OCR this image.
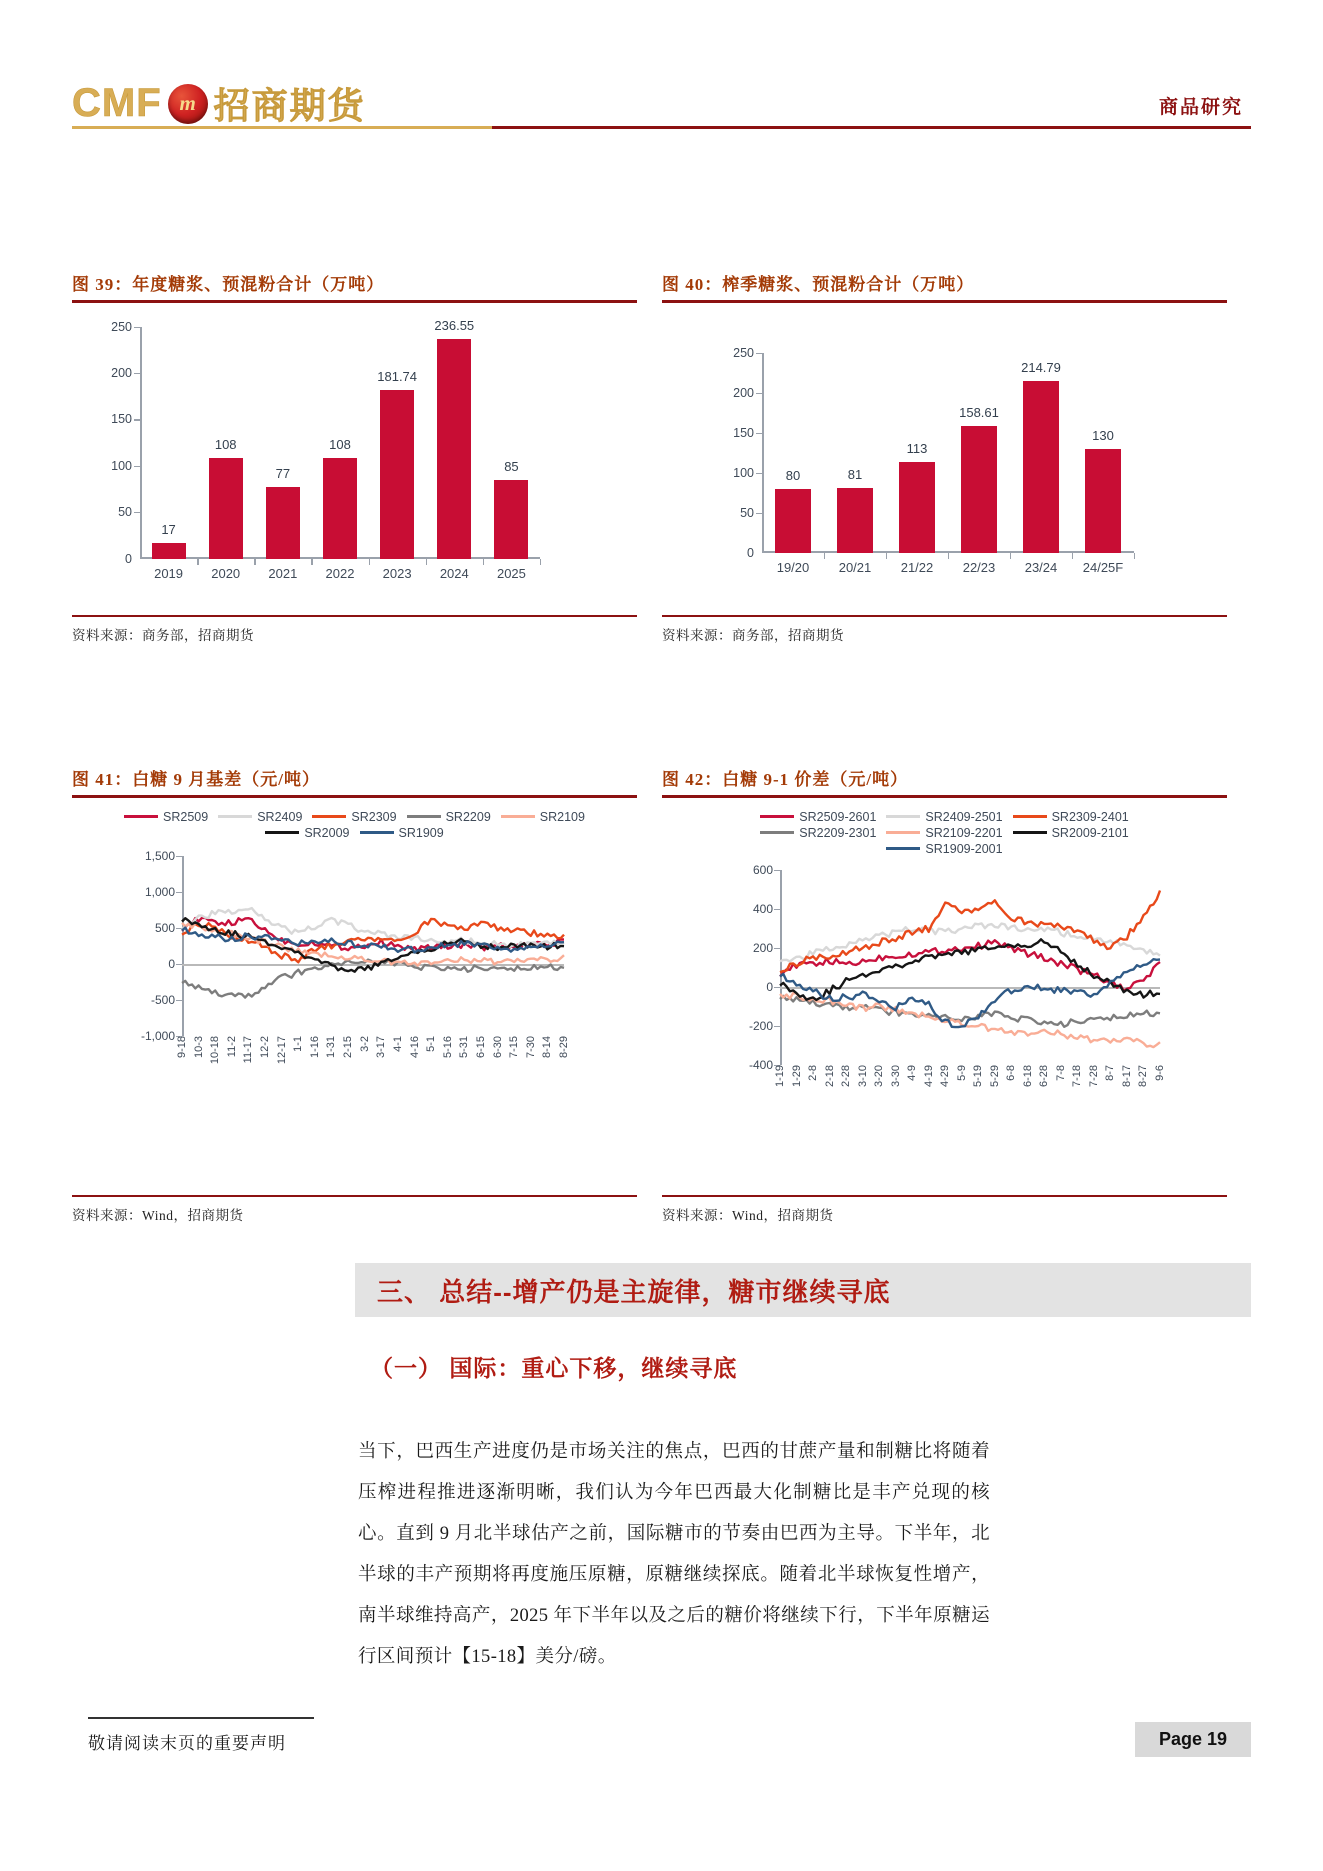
CMF m 招商期货	商品研究
图 39：年度糖浆、预混粉合计（万吨）
0
50
100
150
200
250
17
2019
108
2020
77
2021
108
2022
181.74
2023
236.55
2024
85
2025
资料来源：商务部，招商期货
图 40：榨季糖浆、预混粉合计（万吨）
0
50
100
150
200
250
80
19/20
81
20/21
113
21/22
158.61
22/23
214.79
23/24
130
24/25F
资料来源：商务部，招商期货
图 41：白糖 9 月基差（元/吨）
SR2509	SR2409	SR2309	SR2209	SR2109
SR2009	SR1909
-1,000
-500
0
500
1,000
1,500
9-18 10-3 10-18 11-2 11-17 12-2 12-17 1-1 1-16 1-31 2-15 3-2 3-17 4-1 4-16 5-1 5-16 5-31 6-15 6-30 7-15 7-30 8-14 8-29
资料来源：Wind，招商期货
图 42：白糖 9-1 价差（元/吨）
SR2509-2601	SR2409-2501	SR2309-2401
SR2209-2301	SR2109-2201	SR2009-2101
SR1909-2001
-400
-200
0
200
400
600
1-19 1-29 2-8 2-18 2-28 3-10 3-20 3-30 4-9 4-19 4-29 5-9 5-19 5-29 6-8 6-18 6-28 7-8 7-18 7-28 8-7 8-17 8-27 9-6
资料来源：Wind，招商期货
三、 总结--增产仍是主旋律，糖市继续寻底
（一） 国际：重心下移，继续寻底
当下，巴西生产进度仍是市场关注的焦点，巴西的甘蔗产量和制糖比将随着压榨进程推进逐渐明晰，我们认为今年巴西最大化制糖比是丰产兑现的核心。直到 9 月北半球估产之前，国际糖市的节奏由巴西为主导。下半年，北半球的丰产预期将再度施压原糖，原糖继续探底。随着北半球恢复性增产，南半球维持高产，2025 年下半年以及之后的糖价将继续下行，下半年原糖运行区间预计【15-18】美分/磅。
敬请阅读末页的重要声明	Page 19
